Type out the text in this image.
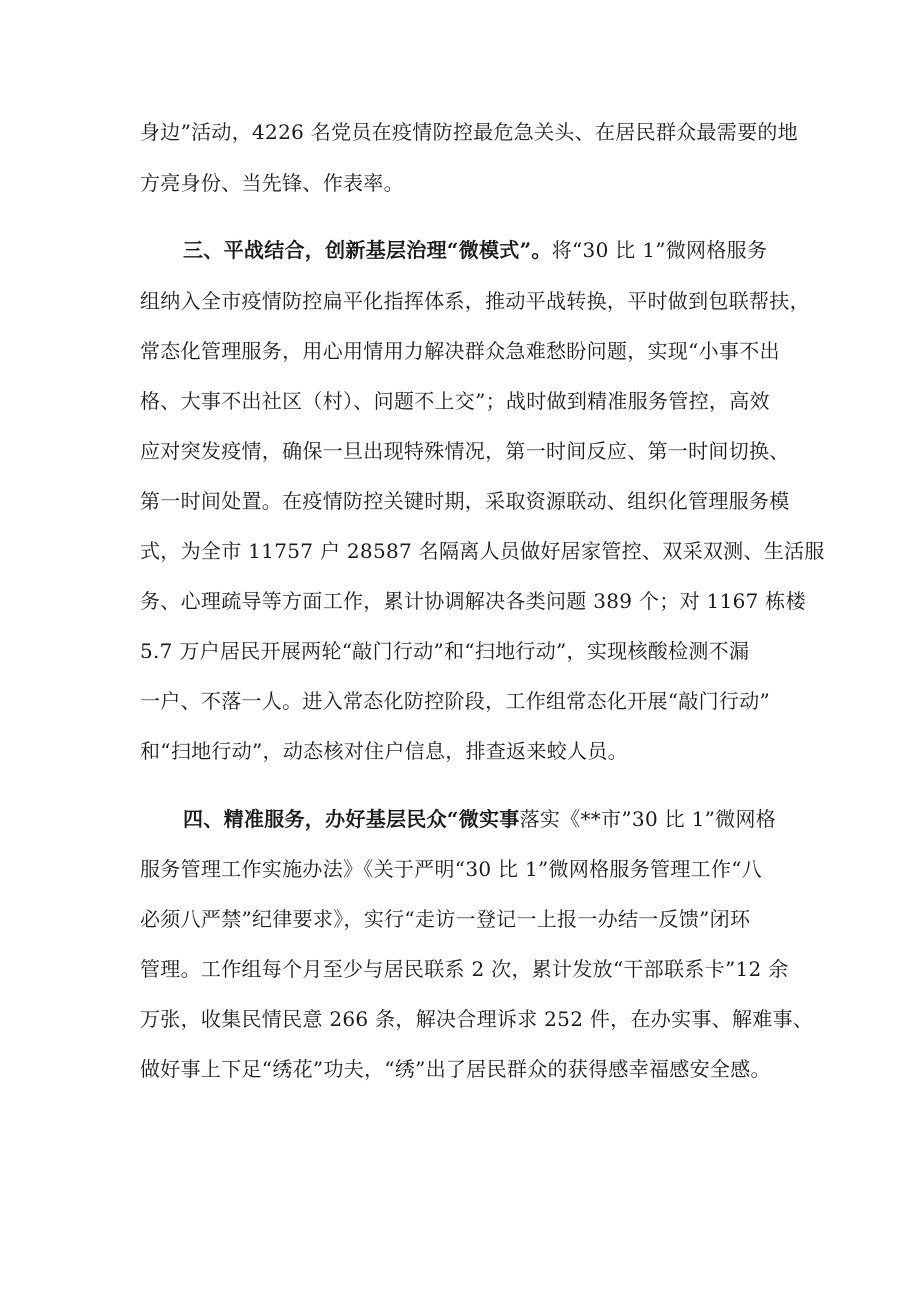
身边”活动，4226 名党员在疫情防控最危急关头、在居民群众最需要的地
方亮身份、当先锋、作表率。
三、平战结合，创新基层治理“微模式”。将“30 比 1”微网格服务
组纳入全市疫情防控扁平化指挥体系，推动平战转换，平时做到包联帮扶，
常态化管理服务，用心用情用力解决群众急难愁盼问题，实现“小事不出
格、大事不出社区（村）、问题不上交”；战时做到精准服务管控，高效
应对突发疫情，确保一旦出现特殊情况，第一时间反应、第一时间切换、
第一时间处置。在疫情防控关键时期，采取资源联动、组织化管理服务模
式，为全市 11757 户 28587 名隔离人员做好居家管控、双采双测、生活服
务、心理疏导等方面工作，累计协调解决各类问题 389 个；对 1167 栋楼
5.7 万户居民开展两轮“敲门行动”和“扫地行动”，实现核酸检测不漏
一户、不落一人。进入常态化防控阶段，工作组常态化开展“敲门行动”
和“扫地行动”，动态核对住户信息，排查返来蛟人员。
四、精准服务，办好基层民众“微实事落实《**市”30 比 1”微网格
服务管理工作实施办法》《关于严明“30 比 1”微网格服务管理工作“八
必须八严禁”纪律要求》，实行“走访一登记一上报一办结一反馈”闭环
管理。工作组每个月至少与居民联系 2 次，累计发放“干部联系卡”12 余
万张，收集民情民意 266 条，解决合理诉求 252 件，在办实事、解难事、
做好事上下足“绣花”功夫，“绣”出了居民群众的获得感幸福感安全感。
